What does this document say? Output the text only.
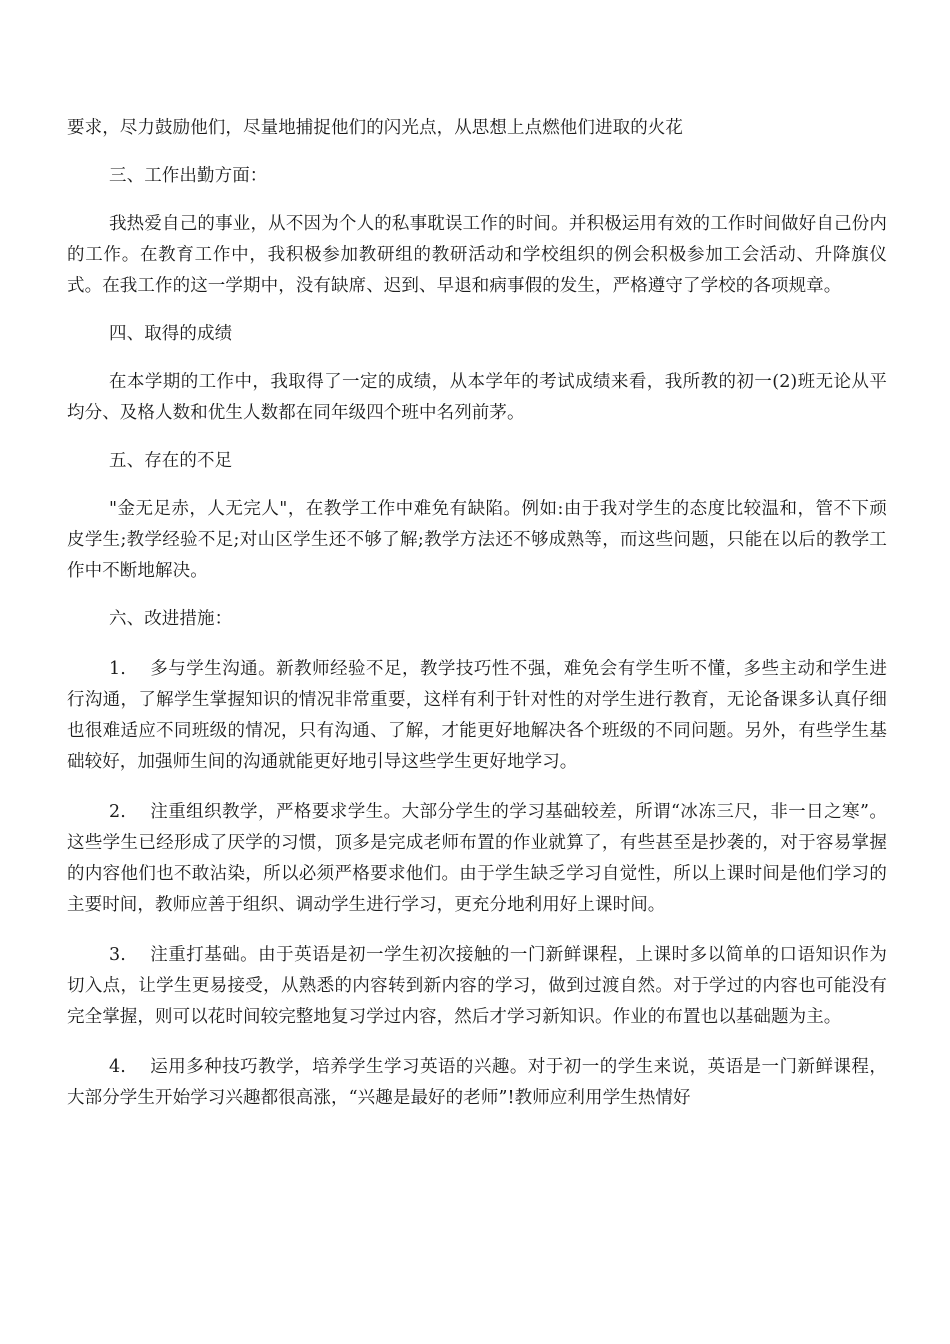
要求，尽力鼓励他们，尽量地捕捉他们的闪光点，从思想上点燃他们进取的火花

三、工作出勤方面：

我热爱自己的事业，从不因为个人的私事耽误工作的时间。并积极运用有效的工作时间做好自己份内的工作。在教育工作中，我积极参加教研组的教研活动和学校组织的例会积极参加工会活动、升降旗仪式。在我工作的这一学期中，没有缺席、迟到、早退和病事假的发生，严格遵守了学校的各项规章。

四、取得的成绩

在本学期的工作中，我取得了一定的成绩，从本学年的考试成绩来看，我所教的初一(2)班无论从平均分、及格人数和优生人数都在同年级四个班中名列前茅。

五、存在的不足

"金无足赤，人无完人"，在教学工作中难免有缺陷。例如:由于我对学生的态度比较温和，管不下顽皮学生;教学经验不足;对山区学生还不够了解;教学方法还不够成熟等，而这些问题，只能在以后的教学工作中不断地解决。

六、改进措施：

1.　 多与学生沟通。新教师经验不足，教学技巧性不强，难免会有学生听不懂，多些主动和学生进行沟通，了解学生掌握知识的情况非常重要，这样有利于针对性的对学生进行教育，无论备课多认真仔细也很难适应不同班级的情况，只有沟通、了解，才能更好地解决各个班级的不同问题。另外，有些学生基础较好，加强师生间的沟通就能更好地引导这些学生更好地学习。

2.　 注重组织教学，严格要求学生。大部分学生的学习基础较差，所谓“冰冻三尺，非一日之寒”。这些学生已经形成了厌学的习惯，顶多是完成老师布置的作业就算了，有些甚至是抄袭的，对于容易掌握的内容他们也不敢沾染，所以必须严格要求他们。由于学生缺乏学习自觉性，所以上课时间是他们学习的主要时间，教师应善于组织、调动学生进行学习，更充分地利用好上课时间。

3.　 注重打基础。由于英语是初一学生初次接触的一门新鲜课程，上课时多以简单的口语知识作为切入点，让学生更易接受，从熟悉的内容转到新内容的学习，做到过渡自然。对于学过的内容也可能没有完全掌握，则可以花时间较完整地复习学过内容，然后才学习新知识。作业的布置也以基础题为主。

4.　 运用多种技巧教学，培养学生学习英语的兴趣。对于初一的学生来说，英语是一门新鲜课程，大部分学生开始学习兴趣都很高涨，“兴趣是最好的老师”!教师应利用学生热情好
